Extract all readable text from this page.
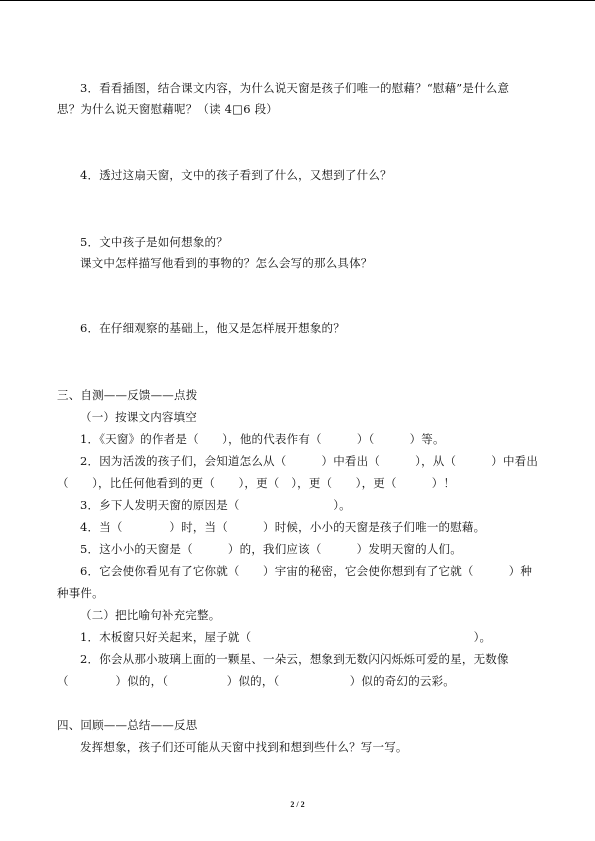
3．看看插图，结合课文内容，为什么说天窗是孩子们唯一的慰藉？“慰藉”是什么意
思？为什么说天窗慰藉呢？（读 4□6 段）
4．透过这扇天窗，文中的孩子看到了什么，又想到了什么？
5．文中孩子是如何想象的？
课文中怎样描写他看到的事物的？怎么会写的那么具体？
6．在仔细观察的基础上，他又是怎样展开想象的？
三、自测——反馈——点拨
（一）按课文内容填空
1．《天窗》的作者是（　　），他的代表作有（　　　）（　　　）等。
2．因为活泼的孩子们，会知道怎么从（　　　）中看出（　　　），从（　　　）中看出
（　　），比任何他看到的更（　　），更（　），更（　　），更（　　　）！
3．乡下人发明天窗的原因是（　　　　　　　　）。
4．当（　　　　）时，当（　　　）时候，小小的天窗是孩子们唯一的慰藉。
5．这小小的天窗是（　　　）的，我们应该（　　　）发明天窗的人们。
6．它会使你看见有了它你就（　　）宇宙的秘密，它会使你想到有了它就（　　　）种
种事件。
（二）把比喻句补充完整。
1．木板窗只好关起来，屋子就（　　　　　　　　　　　　　　　　　　　）。
2．你会从那小玻璃上面的一颗星、一朵云，想象到无数闪闪烁烁可爱的星，无数像
（　　　　）似的，（　　　　　）似的，（　　　　　　）似的奇幻的云彩。
四、回顾——总结——反思
发挥想象，孩子们还可能从天窗中找到和想到些什么？写一写。
2 / 2
